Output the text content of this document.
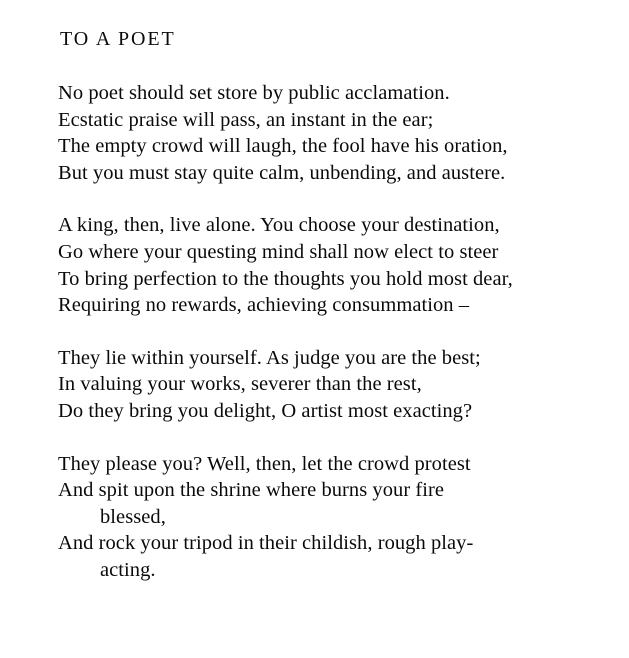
TO A POET
No poet should set store by public acclamation.
Ecstatic praise will pass, an instant in the ear;
The empty crowd will laugh, the fool have his oration,
But you must stay quite calm, unbending, and austere.
A king, then, live alone. You choose your destination,
Go where your questing mind shall now elect to steer
To bring perfection to the thoughts you hold most dear,
Requiring no rewards, achieving consummation –
They lie within yourself. As judge you are the best;
In valuing your works, severer than the rest,
Do they bring you delight, O artist most exacting?
They please you? Well, then, let the crowd protest
And spit upon the shrine where burns your fire
blessed,
And rock your tripod in their childish, rough play-
acting.
